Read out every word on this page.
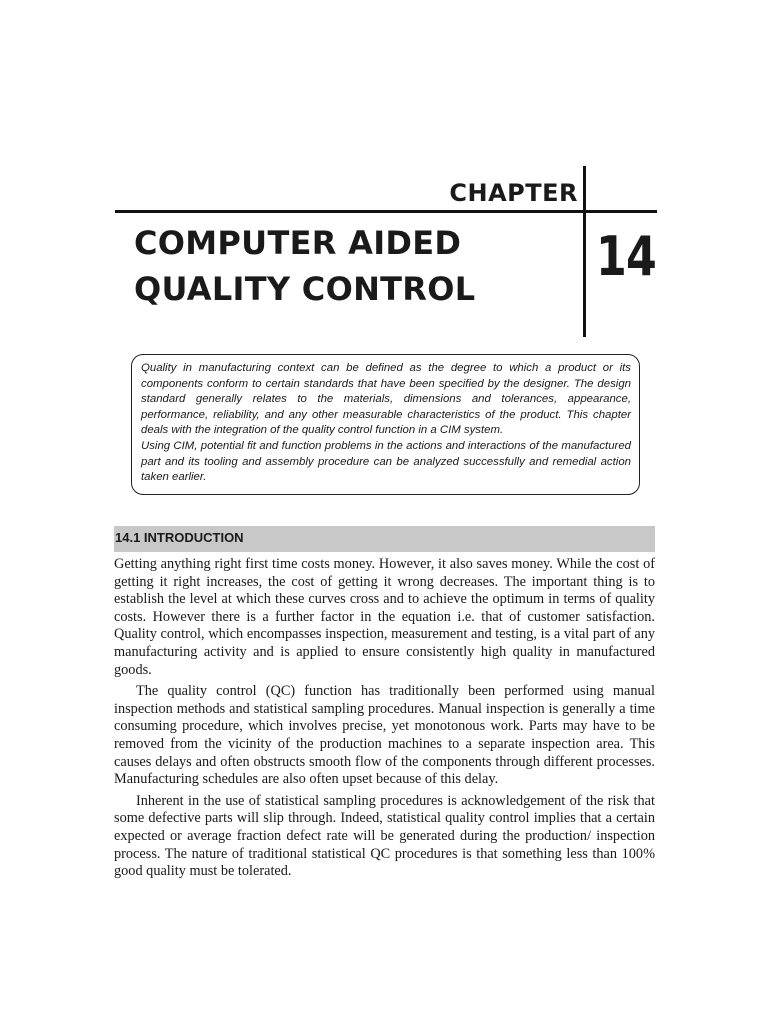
CHAPTER
14
COMPUTER AIDED
QUALITY CONTROL

Quality in manufacturing context can be defined as the degree to which a product or its components conform to certain standards that have been specified by the designer. The design standard generally relates to the materials, dimensions and tolerances, appearance, performance, reliability, and any other measurable characteristics of the product. This chapter deals with the integration of the quality control function in a CIM system.

Using CIM, potential fit and function problems in the actions and interactions of the manufactured part and its tooling and assembly procedure can be analyzed successfully and remedial action taken earlier.

14.1 INTRODUCTION

Getting anything right first time costs money. However, it also saves money. While the cost of getting it right increases, the cost of getting it wrong decreases. The important thing is to establish the level at which these curves cross and to achieve the optimum in terms of quality costs. However there is a further factor in the equation i.e. that of customer satisfaction. Quality control, which encompasses inspection, measurement and testing, is a vital part of any manufacturing activity and is applied to ensure consistently high quality in manufactured goods.

The quality control (QC) function has traditionally been performed using manual inspection methods and statistical sampling procedures. Manual inspection is generally a time consuming procedure, which involves precise, yet monotonous work. Parts may have to be removed from the vicinity of the production machines to a separate inspection area. This causes delays and often obstructs smooth flow of the components through different processes. Manufacturing schedules are also often upset because of this delay.

Inherent in the use of statistical sampling procedures is acknowledgement of the risk that some defective parts will slip through. Indeed, statistical quality control implies that a certain expected or average fraction defect rate will be generated during the production/ inspection process. The nature of traditional statistical QC procedures is that something less than 100% good quality must be tolerated.
